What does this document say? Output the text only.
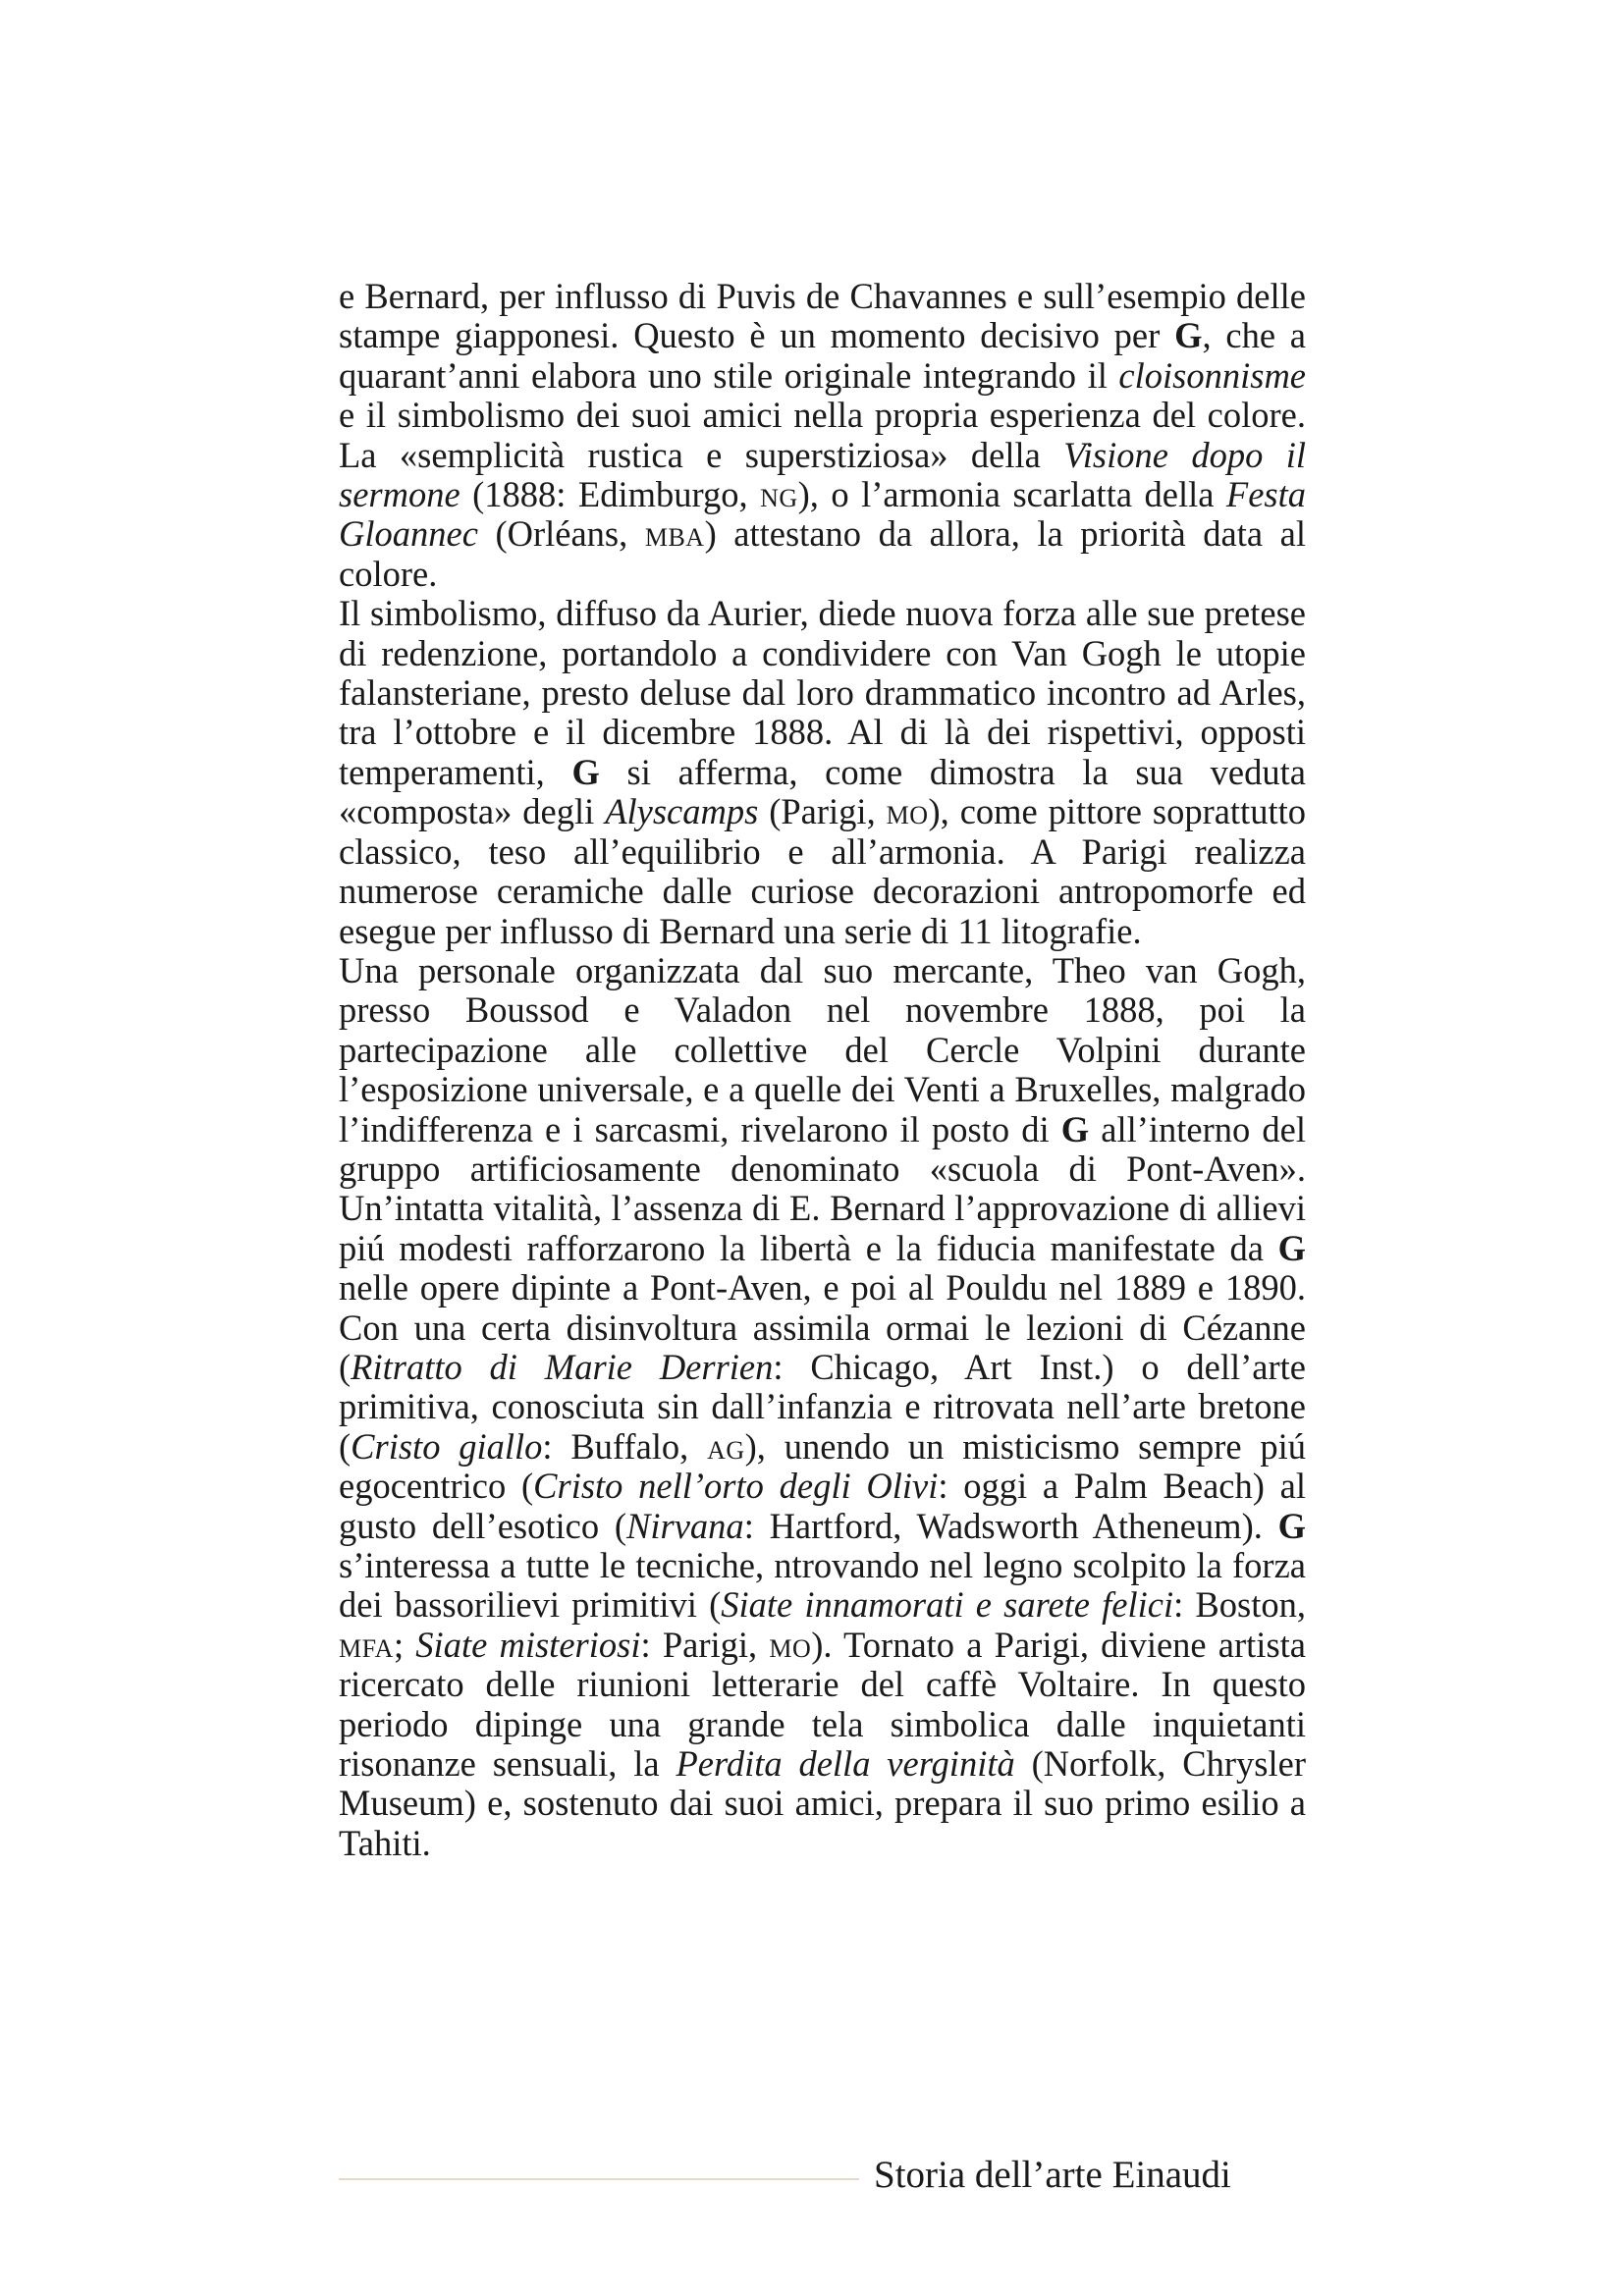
e Bernard, per influsso di Puvis de Chavannes e sull’esempio delle stampe giapponesi. Questo è un momento decisivo per G, che a quarant’anni elabora uno stile originale integrando il cloisonnisme e il simbolismo dei suoi amici nella propria esperienza del colore. La «semplicità rustica e superstiziosa» della Visione dopo il sermone (1888: Edimburgo, ng), o l’armonia scarlatta della Festa Gloannec (Orléans, mba) attestano da allora, la priorità data al colore.

Il simbolismo, diffuso da Aurier, diede nuova forza alle sue pretese di redenzione, portandolo a condividere con Van Gogh le utopie falansteriane, presto deluse dal loro drammatico incontro ad Arles, tra l’ottobre e il dicembre 1888. Al di là dei rispettivi, opposti temperamenti, G si afferma, come dimostra la sua veduta «composta» degli Alyscamps (Parigi, mo), come pittore soprattutto classico, teso all’equilibrio e all’armonia. A Parigi realizza numerose ceramiche dalle curiose decorazioni antropomorfe ed esegue per influsso di Bernard una serie di 11 litografie.

Una personale organizzata dal suo mercante, Theo van Gogh, presso Boussod e Valadon nel novembre 1888, poi la partecipazione alle collettive del Cercle Volpini durante l’esposizione universale, e a quelle dei Venti a Bruxelles, malgrado l’indifferenza e i sarcasmi, rivelarono il posto di G all’interno del gruppo artificiosamente denominato «scuola di Pont-Aven». Un’intatta vitalità, l’assenza di E. Bernard l’approvazione di allievi piú modesti rafforzarono la libertà e la fiducia manifestate da G nelle opere dipinte a Pont-Aven, e poi al Pouldu nel 1889 e 1890. Con una certa disinvoltura assimila ormai le lezioni di Cézanne (Ritratto di Marie Derrien: Chicago, Art Inst.) o dell’arte primitiva, conosciuta sin dall’infanzia e ritrovata nell’arte bretone (Cristo giallo: Buffalo, ag), unendo un misticismo sempre piú egocentrico (Cristo nell’orto degli Olivi: oggi a Palm Beach) al gusto dell’esotico (Nirvana: Hartford, Wadsworth Atheneum). G s’interessa a tutte le tecniche, ntrovando nel legno scolpito la forza dei bassorilievi primitivi (Siate innamorati e sarete felici: Boston, mfa; Siate misteriosi: Parigi, mo). Tornato a Parigi, diviene artista ricercato delle riunioni letterarie del caffè Voltaire. In questo periodo dipinge una grande tela simbolica dalle inquietanti risonanze sensuali, la Perdita della verginità (Norfolk, Chrysler Museum) e, sostenuto dai suoi amici, prepara il suo primo esilio a Tahiti.

Storia dell’arte Einaudi
